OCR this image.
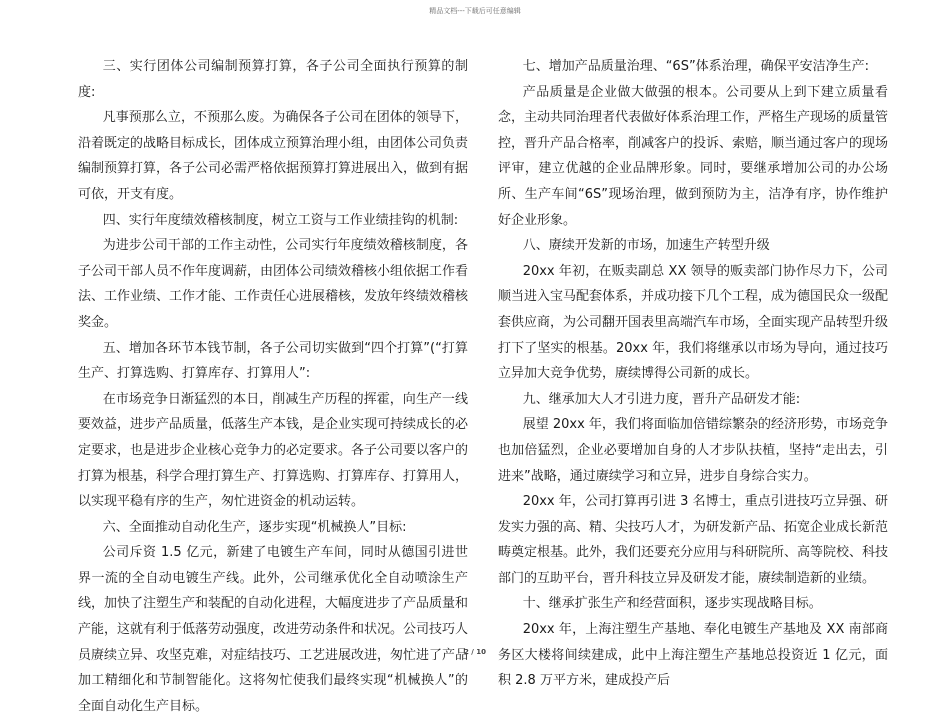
精品文档---下载后可任意编辑

三、实行团体公司编制预算打算，各子公司全面执行预算的制度:

凡事预那么立，不预那么废。为确保各子公司在团体的领导下，沿着既定的战略目标成长，团体成立预算治理小组，由团体公司负责编制预算打算，各子公司必需严格依据预算打算进展出入，做到有据可依，开支有度。

四、实行年度绩效稽核制度，树立工资与工作业绩挂钩的机制:

为进步公司干部的工作主动性，公司实行年度绩效稽核制度，各子公司干部人员不作年度调薪，由团体公司绩效稽核小组依据工作看法、工作业绩、工作才能、工作责任心进展稽核，发放年终绩效稽核奖金。

五、增加各环节本钱节制，各子公司切实做到“四个打算”(“打算生产、打算选购、打算库存、打算用人”:

在市场竞争日渐猛烈的本日，削减生产历程的挥霍，向生产一线要效益，进步产品质量，低落生产本钱，是企业实现可持续成长的必定要求，也是进步企业核心竞争力的必定要求。各子公司要以客户的打算为根基，科学合理打算生产、打算选购、打算库存、打算用人，以实现平稳有序的生产，匆忙进资金的机动运转。

六、全面推动自动化生产，逐步实现“机械换人”目标:

公司斥资 1.5 亿元，新建了电镀生产车间，同时从德国引进世界一流的全自动电镀生产线。此外，公司继承优化全自动喷涂生产线，加快了注塑生产和装配的自动化进程，大幅度进步了产品质量和产能，这就有利于低落劳动强度，改进劳动条件和状况。公司技巧人员赓续立异、攻坚克难，对症结技巧、工艺进展改进，匆忙进了产品加工精细化和节制智能化。这将匆忙使我们最终实现“机械换人”的全面自动化生产目标。

七、增加产品质量治理、“6S”体系治理，确保平安洁净生产:

产品质量是企业做大做强的根本。公司要从上到下建立质量看念，主动共同治理者代表做好体系治理工作，严格生产现场的质量管控，晋升产品合格率，削减客户的投诉、索赔，顺当通过客户的现场评审，建立优越的企业品牌形象。同时，要继承增加公司的办公场所、生产车间“6S”现场治理，做到预防为主，洁净有序，协作维护好企业形象。

八、赓续开发新的市场，加速生产转型升级

20xx 年初，在贩卖副总 XX 领导的贩卖部门协作尽力下，公司顺当进入宝马配套体系，并成功接下几个工程，成为德国民众一级配套供应商，为公司翻开国表里高端汽车市场，全面实现产品转型升级打下了坚实的根基。20xx 年，我们将继承以市场为导向，通过技巧立异加大竞争优势，赓续博得公司新的成长。

九、继承加大人才引进力度，晋升产品研发才能:

展望 20xx 年，我们将面临加倍错综繁杂的经济形势，市场竞争也加倍猛烈，企业必要增加自身的人才步队扶植，坚持“走出去，引进来”战略，通过赓续学习和立异，进步自身综合实力。

20xx 年，公司打算再引进 3 名博士，重点引进技巧立异强、研发实力强的高、精、尖技巧人才，为研发新产品、拓宽企业成长新范畴奠定根基。此外，我们还要充分应用与科研院所、高等院校、科技部门的互助平台，晋升科技立异及研发才能，赓续制造新的业绩。

十、继承扩张生产和经营面积，逐步实现战略目标。

20xx 年，上海注塑生产基地、奉化电镀生产基地及 XX 南部商务区大楼将间续建成，此中上海注塑生产基地总投资近 1 亿元，面积 2.8 万平方米，建成投产后

2 / 10
